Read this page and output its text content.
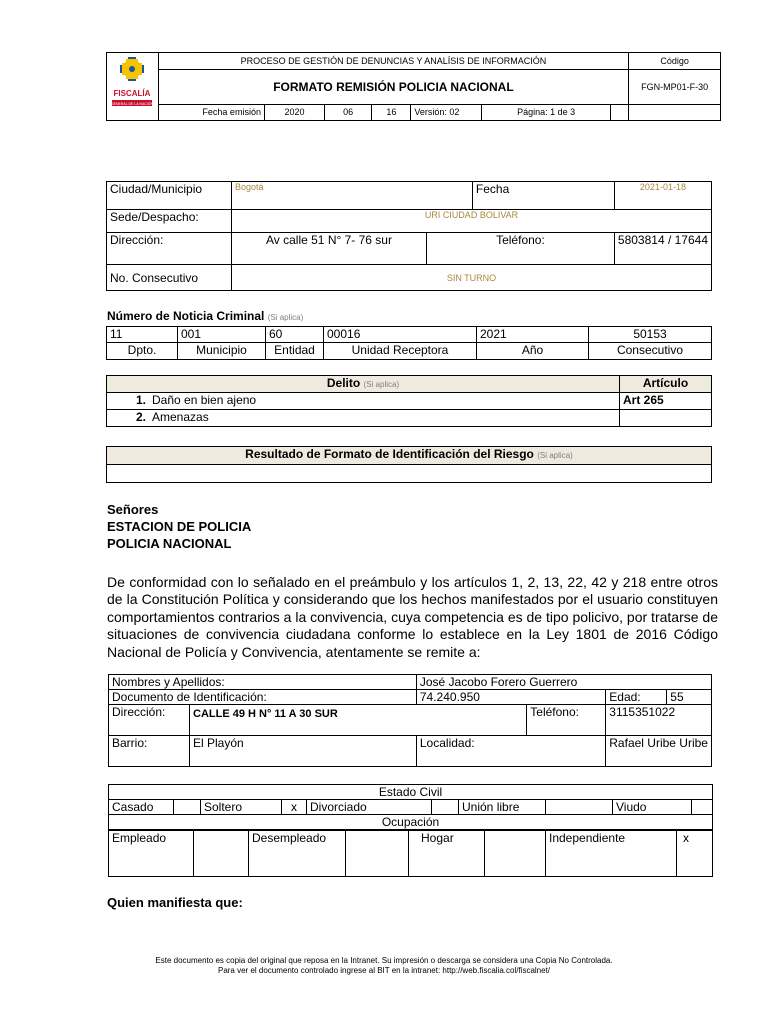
FISCALÍA
GENERAL DE LA NACIÓN	PROCESO DE GESTIÓN DE DENUNCIAS Y ANALÍSIS DE INFORMACIÓN							Código
	FORMATO REMISIÓN POLICIA NACIONAL							FGN-MP01-F-30
	Fecha emisión	2020	06	16	Versión: 02	Página: 1 de 3		
Ciudad/Municipio	Bogotá		Fecha	2021-01-18
Sede/Despacho:	URI CIUDAD BOLIVAR			
Dirección:	Av calle 51 N° 7- 76 sur	Teléfono:		5803814 / 17644
No. Consecutivo	SIN TURNO			
Número de Noticia Criminal (Si aplica)
11	001	60	00016	2021	50153
Dpto.	Municipio	Entidad	Unidad Receptora	Año	Consecutivo
Delito (Si aplica)		Artículo
1.	Daño en bien ajeno	Art 265
2.	Amenazas	
Resultado de Formato de Identificación del Riesgo (Si aplica)

Señores
ESTACION DE POLICIA
POLICIA NACIONAL
De conformidad con lo señalado en el preámbulo y los artículos 1, 2, 13, 22, 42 y 218 entre otros
de la Constitución Política y considerando que los hechos manifestados por el usuario constituyen
comportamientos contrarios a la convivencia, cuya competencia es de tipo policivo, por tratarse de
situaciones de convivencia ciudadana conforme lo establece en la Ley 1801 de 2016 Código
Nacional de Policía y Convivencia, atentamente se remite a:
Nombres y Apellidos:		José Jacobo Forero Guerrero			
Documento de Identificación:		74.240.950		Edad:	55
Dirección:	CALLE 49 H N° 11 A 30 SUR		Teléfono:	3115351022	
Barrio:	El Playón	Localidad:		Rafael Uribe Uribe	
Estado Civil
Casado		Soltero	x	Divorciado		Unión libre		Viudo	
Ocupación
Empleado		Desempleado		Hogar		Independiente	x
Quien manifiesta que:
Este documento es copia del original que reposa en la Intranet. Su impresión o descarga se considera una Copia No Controlada.
Para ver el documento controlado ingrese al BIT en la intranet: http://web.fiscalia.col/fiscalnet/
